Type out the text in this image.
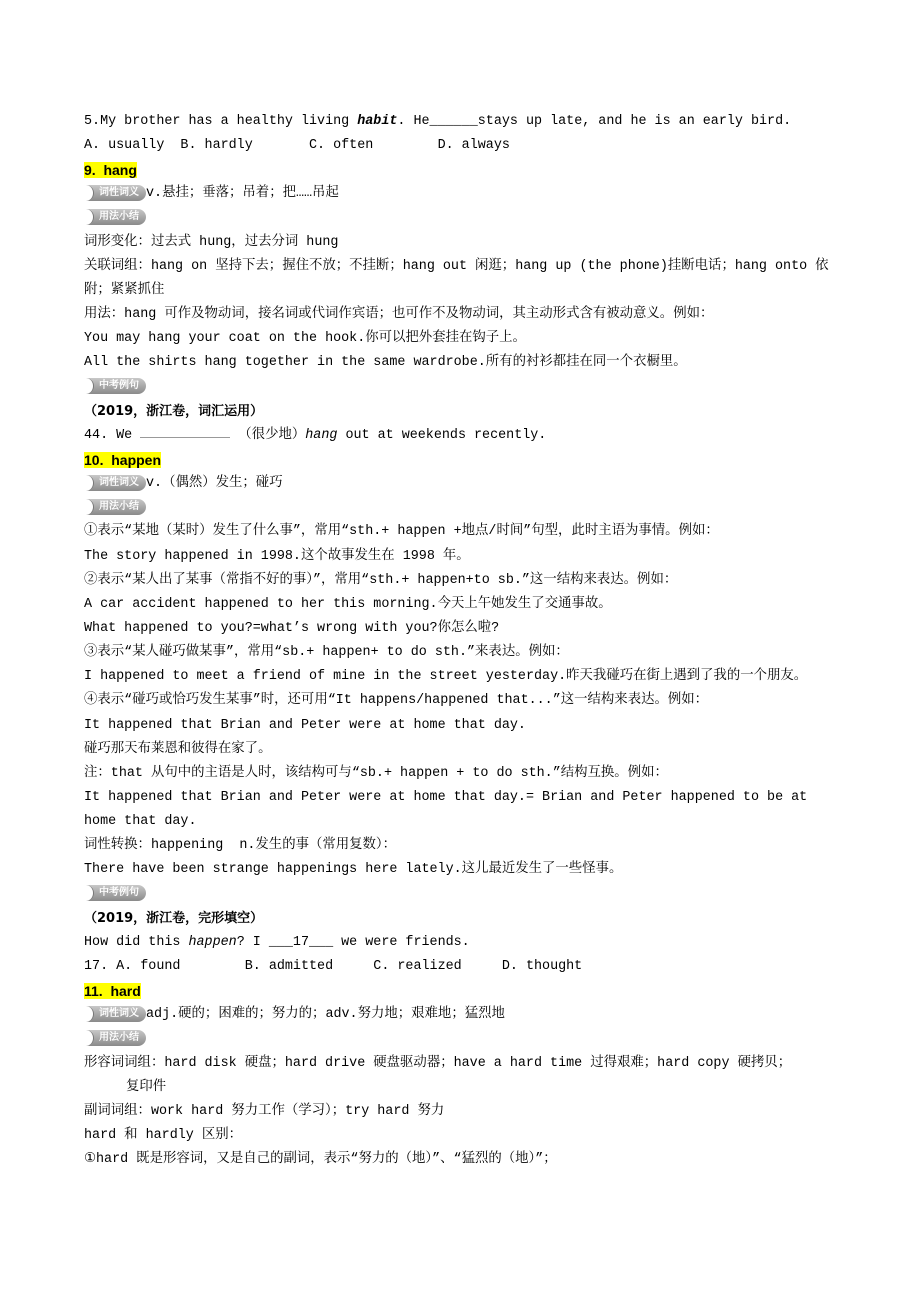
5.My brother has a healthy living habit. He______stays up late, and he is an early bird.
A. usually  B. hardly       C. often        D. always
9.  hang
词性词义 v.悬挂；垂落；吊着；把……吊起
用法小结
词形变化：过去式 hung，过去分词 hung
关联词组：hang on 坚持下去；握住不放；不挂断；hang out 闲逛；hang up (the phone)挂断电话；hang onto 依附；紧紧抓住
用法：hang 可作及物动词，接名词或代词作宾语；也可作不及物动词，其主动形式含有被动意义。例如：
You may hang your coat on the hook.你可以把外套挂在钩子上。
All the shirts hang together in the same wardrobe.所有的衬衫都挂在同一个衣橱里。
中考例句
（2019，浙江卷，词汇运用）
44. We	（很少地）hang out at weekends recently.
10.  happen
词性词义 v.（偶然）发生；碰巧
用法小结
①表示“某地（某时）发生了什么事”，常用“sth.+ happen +地点/时间”句型，此时主语为事情。例如：
The story happened in 1998.这个故事发生在 1998 年。
②表示“某人出了某事（常指不好的事）”，常用“sth.+ happen+to sb.”这一结构来表达。例如：
A car accident happened to her this morning.今天上午她发生了交通事故。
What happened to you?=what’s wrong with you?你怎么啦?
③表示“某人碰巧做某事”，常用“sb.+ happen+ to do sth.”来表达。例如：
I happened to meet a friend of mine in the street yesterday.昨天我碰巧在街上遇到了我的一个朋友。
④表示“碰巧或恰巧发生某事”时，还可用“It happens/happened that...”这一结构来表达。例如：
It happened that Brian and Peter were at home that day.
碰巧那天布莱恩和彼得在家了。
注：that 从句中的主语是人时，该结构可与“sb.+ happen + to do sth.”结构互换。例如：
It happened that Brian and Peter were at home that day.= Brian and Peter happened to be at home that day.
词性转换：happening  n.发生的事（常用复数）：
There have been strange happenings here lately.这儿最近发生了一些怪事。
中考例句
（2019，浙江卷，完形填空）
How did this happen? I ___17___ we were friends.
17. A. found        B. admitted     C. realized     D. thought
11.  hard
词性词义 adj.硬的；困难的；努力的；adv.努力地；艰难地；猛烈地
用法小结
形容词词组：hard disk 硬盘；hard drive 硬盘驱动器；have a hard time 过得艰难；hard copy 硬拷贝；
复印件
副词词组：work hard 努力工作（学习）；try hard 努力
hard 和 hardly 区别：
①hard 既是形容词，又是自己的副词，表示“努力的（地）”、“猛烈的（地）”；
